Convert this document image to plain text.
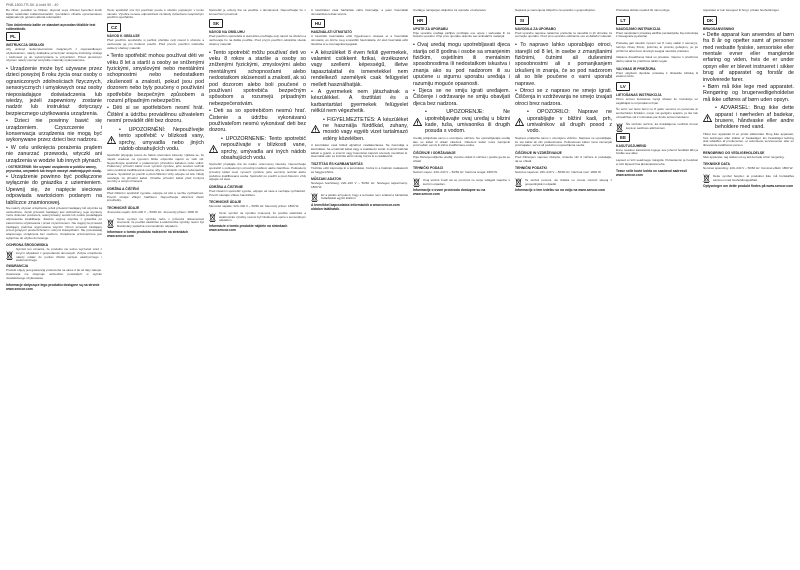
PNB-1800-TR-SK-U.indd 90 - 40
Bu cihaz, çocuklar ve fiziksel, duyusal veya zihinsel becerileri kısıtlı kişiler tarafından kullanılmamalıdır. Çocukların cihazla oynamamasını sağlamak için gözetim altında tutulmalıdır.
Tüm ürünlerimiz kalite ve standart açısından titizlikle test edilmektedir.
PL
INSTRUKCJA OBSŁUGI
Aby uniknąć niebezpieczeństw związanych z nieprawidłowym użytkowaniem, należy dokładnie przeczytać niniejszą instrukcję obsługi i zachować ją do wykorzystania w przyszłości. Przed pierwszym użyciem należy usunąć wszystkie materiały opakowaniowe.
• Urządzenie może być używane przez dzieci powyżej 8 roku życia oraz osoby o ograniczonych zdolnościach fizycznych, sensorycznych i umysłowych oraz osoby nieposiadające doświadczenia lub wiedzy, jeżeli zapewniony zostanie nadzór lub instruktaż dotyczący bezpiecznego użytkowania urządzenia.
• Dzieci nie powinny bawić się urządzeniem. Czyszczenie i konserwacja urządzenia nie mogą być wykonywane przez dzieci bez nadzoru.
• W celu uniknięcia porażenia prądem nie zanurzać przewodu, wtyczki ani urządzenia w wodzie lub innych płynach.
• OSTRZEŻENIE: Nie używać urządzenia w pobliżu wanny, prysznica, umywalek lub innych naczyń zawierających wodę.
• Urządzenie powinno być podłączone wyłącznie do gniazdka z uziemieniem. Upewnij się, że napięcie sieciowe odpowiada wartościom podanym na tabliczce znamionowej.
Nie należy używać urządzenia, jeżeli przewód zasilający lub wtyczka są uszkodzone. Jeżeli przewód zasilający jest uszkodzony, jego wymiany może dokonać producent, autoryzowany serwis lub osoba posiadająca odpowiednie kwalifikacje. Zawsze wyjmuj wtyczkę z gniazdka po zakończeniu użytkowania i przed czyszczeniem. Nie ciągnij za przewód zasilający podczas wyjmowania wtyczki. Chroń przewód zasilający przed gorącymi powierzchniami i ostrymi krawędziami. Nie pozostawiaj włączonego urządzenia bez nadzoru. Urządzenie przeznaczone jest wyłącznie do użytku domowego.
OCHRONA ŚRODOWISKA
Symbol ten oznacza, że produktu nie wolno wyrzucać wraz z innymi odpadami z gospodarstw domowych. Zużyte urządzenie należy oddać do punktu zbiórki sprzętu elektrycznego i elektronicznego.
GWARANCJA
Produkt objęty jest gwarancją producenta na okres 2 lat od daty zakupu. Gwarancja nie obejmuje uszkodzeń powstałych w wyniku niewłaściwego użytkowania.
Informacje dotyczące tego produktu dostępne są na stronie www.sencor.com
Tento spotřebič smí být používán pouze k účelům popsaným v tomto návodu. Výrobce nenese odpovědnost za škody způsobené nesprávným použitím spotřebiče.
CZ
NÁVOD K OBSLUZE
Před použitím spotřebiče si pečlivě přečtěte celý návod k obsluze a uschovejte jej pro budoucí použití. Před prvním použitím odstraňte veškerý obalový materiál.
• Tento spotřebič mohou používat děti ve věku 8 let a starší a osoby se sníženými fyzickými, smyslovými nebo mentálními schopnostmi nebo nedostatkem zkušeností a znalostí, pokud jsou pod dozorem nebo byly poučeny o používání spotřebiče bezpečným způsobem a rozumí případným nebezpečím.
• Děti si se spotřebičem nesmí hrát. Čištění a údržbu prováděnou uživatelem nesmí provádět děti bez dozoru.
• UPOZORNĚNÍ: Nepoužívejte tento spotřebič v blízkosti vany, sprchy, umyvadla nebo jiných nádob obsahujících vodu.
Spotřebič připojujte pouze do řádně uzemněné zásuvky. Ujistěte se, že napětí uvedené na typovém štítku odpovídá napětí ve vaší síti. Nepoužívejte spotřebič s poškozeným přívodním kabelem nebo vidlicí. Poškozený přívodní kabel musí vyměnit výrobce, jeho servisní technik nebo podobně kvalifikovaná osoba, aby se zabránilo vzniku nebezpečné situace. Spotřebič po použití a před čištěním vždy odpojte od sítě. Nikdy netahejte za přívodní kabel. Chraňte přívodní kabel před horkými povrchy a ostrými hranami.
ÚDRŽBA A ČIŠTĚNÍ
Před čištěním spotřebič vypněte, odpojte od sítě a nechte vychladnout. Povrch otírejte vlhkým hadříkem. Nepoužívejte abrazivní čisticí prostředky.
TECHNICKÉ ÚDAJE
Jmenovité napětí: 220–240 V ~ 50/60 Hz. Jmenovitý příkon: 1800 W.
Tento symbol na výrobku nebo v průvodní dokumentaci znamená, že použité elektrické a elektronické výrobky nesmí být likvidovány společně s komunálním odpadem.
Informace o tomto produktu naleznete na stránkách www.sencor.com
Spotrebič je určený iba na použitie v domácnosti. Nepoužívajte ho v komerčnom prostredí.
SK
NÁVOD NA OBSLUHU
Pred použitím spotrebiča si starostlivo prečítajte celý návod na obsluhu a uschovajte ho na ďalšie použitie. Pred prvým použitím odstráňte všetok obalový materiál.
• Tento spotrebič môžu používať deti vo veku 8 rokov a staršie a osoby so zníženými fyzickými, zmyslovými alebo mentálnymi schopnosťami alebo nedostatkom skúseností a znalostí, ak sú pod dozorom alebo boli poučené o používaní spotrebiča bezpečným spôsobom a rozumejú prípadným nebezpečenstvám.
• Deti sa so spotrebičom nesmú hrať. Čistenie a údržbu vykonávanú používateľom nesmú vykonávať deti bez dozoru.
• UPOZORNENIE: Tento spotrebič nepoužívajte v blízkosti vane, sprchy, umývadla ani iných nádob obsahujúcich vodu.
Spotrebič pripájajte iba do riadne uzemnenej zásuvky. Nepoužívajte spotrebič s poškodeným prívodným káblom alebo zástrčkou. Poškodený prívodný kábel musí vymeniť výrobca, jeho servisný technik alebo podobne kvalifikovaná osoba. Spotrebič po použití a pred čistením vždy odpojte od siete.
ÚDRŽBA A ČISTENIE
Pred čistením spotrebič vypnite, odpojte od siete a nechajte vychladnúť. Povrch utierajte vlhkou handričkou.
TECHNICKÉ ÚDAJE
Menovité napätie: 220–240 V ~ 50/60 Hz. Menovitý príkon: 1800 W.
Tento symbol na výrobku znamená, že použité elektrické a elektronické výrobky nesmú byť likvidované spolu s komunálnym odpadom.
Informácie o tomto produkte nájdete na stránkach www.sencor.com
A készüléket csak háztartási célra használja, a jelen használati útmutatóban leírtak szerint.
HU
HASZNÁLATI ÚTMUTATÓ
A készülék használata előtt figyelmesen olvassa el a használati útmutatót, és őrizze meg a későbbi használatra. Az első használat előtt távolítsa el a csomagolóanyagokat.
• A készüléket 8 éven felüli gyermekek, valamint csökkent fizikai, érzékszervi vagy szellemi képességű, illetve tapasztalattal és ismeretekkel nem rendelkező személyek csak felügyelet mellett használhatják.
• A gyermekek nem játszhatnak a készülékkel. A tisztítást és a karbantartást gyermekek felügyelet nélkül nem végezhetik.
• FIGYELMEZTETÉS: A készüléket ne használja fürdőkád, zuhany, mosdó vagy egyéb vizet tartalmazó edény közelében.
A készüléket csak földelt aljzathoz csatlakoztassa. Ne használja a készüléket, ha a hálózati kábel vagy a csatlakozó sérült. A sérült hálózati kábelt a gyártó, a szerviz vagy hasonlóan képzett személy cserélheti ki. Használat után és tisztítás előtt mindig húzza ki a csatlakozót.
TISZTÍTÁS ÉS KARBANTARTÁS
Tisztítás előtt kapcsolja ki a készüléket, húzza ki a hálózati csatlakozót és hagyja kihűlni.
MŰSZAKI ADATOK
Névleges feszültség: 220–240 V ~ 50/60 Hz. Névleges teljesítmény: 1800 W.
Ez a jelölés azt jelenti, hogy a terméket nem szabad a háztartási hulladékkal együtt kidobni.
A termékkel kapcsolatos információk a www.sencor.com oldalon találhatók.
Uređaj je namijenjen isključivo za uporabu u kućanstvu.
HR
UPUTE ZA UPORABU
Prije uporabe uređaja pažljivo pročitajte ove upute i sačuvajte ih za buduću uporabu. Prije prve uporabe uklonite sav ambalažni materijal.
• Ovaj uređaj mogu upotrebljavati djeca starija od 8 godina i osobe sa smanjenim fizičkim, osjetilnim ili mentalnim sposobnostima ili nedostatkom iskustva i znanja ako su pod nadzorom ili su upućene u sigurnu uporabu uređaja i razumiju moguće opasnosti.
• Djeca se ne smiju igrati uređajem. Čišćenje i održavanje ne smiju obavljati djeca bez nadzora.
• UPOZORENJE: Ne upotrebljavajte ovaj uređaj u blizini kade, tuša, umivaonika ili drugih posuda s vodom.
Uređaj priključujte samo u uzemljenu utičnicu. Ne upotrebljavajte uređaj ako su kabel ili utikač oštećeni. Oštećeni kabel mora zamijeniti proizvođač, servis ili slično kvalificirana osoba.
ČIŠĆENJE I ODRŽAVANJE
Prije čišćenja isključite uređaj, izvucite utikač iz utičnice i pustite ga da se ohladi.
TEHNIČKI PODACI
Nazivni napon: 220–240 V ~ 50/60 Hz. Nazivna snaga: 1800 W.
Ovaj simbol znači da se proizvod ne smije odlagati zajedno s kućnim otpadom.
Informacije o ovom proizvodu dostupne su na www.sencor.com
Naprava je namenjena izključno za uporabo v gospodinjstvu.
SI
NAVODILA ZA UPORABO
Pred uporabo naprave natančno preberite ta navodila in jih shranite za poznejšo uporabo. Pred prvo uporabo odstranite ves embalažni material.
• To napravo lahko uporabljajo otroci, starejši od 8 let, in osebe z zmanjšanimi fizičnimi, čutnimi ali duševnimi sposobnostmi ali s pomanjkanjem izkušenj in znanja, če so pod nadzorom ali so bile poučene o varni uporabi naprave.
• Otroci se z napravo ne smejo igrati. Čiščenja in vzdrževanja ne smejo izvajati otroci brez nadzora.
• OPOZORILO: Naprave ne uporabljajte v bližini kadi, prh, umivalnikov ali drugih posod z vodo.
Napravo priključite samo v ozemljeno vtičnico. Naprave ne uporabljajte, če sta kabel ali vtič poškodovana. Poškodovan kabel mora zamenjati proizvajalec, servis ali podobno usposobljena oseba.
ČIŠČENJE IN VZDRŽEVANJE
Pred čiščenjem napravo izklopite, izvlecite vtič iz vtičnice in počakajte, da se ohladi.
TEHNIČNI PODATKI
Nazivna napetost: 220–240 V ~ 50/60 Hz. Nazivna moč: 1800 W.
Ta simbol pomeni, da izdelka ne smete odvreči skupaj z gospodinjskimi odpadki.
Informacije o tem izdelku so na voljo na www.sencor.com
Prietaisas skirtas naudoti tik namų ūkyje.
LT
NAUDOJIMO INSTRUKCIJA
Prieš naudodami prietaisą atidžiai perskaitykite šią instrukciją ir išsaugokite ją ateičiai.
Prietaisą gali naudoti vyresni nei 8 metų vaikai ir asmenys, turintys ribotų fizinių, jutiminių ar protinių gebėjimų, jei jie prižiūrimi arba buvo išmokyti saugiai naudotis prietaisu.
Vaikams draudžiama žaisti su prietaisu. Valymo ir priežiūros darbų vaikai be priežiūros atlikti negali.
VALYMAS IR PRIEŽIŪRA
Prieš valydami išjunkite prietaisą ir ištraukite kištuką iš elektros lizdo.
LV
LIETOŠANAS INSTRUKCIJA
Pirms ierīces lietošanas rūpīgi izlasiet šo instrukciju un saglabājiet to turpmākai uzziņai.
Šo ierīci var lietot bērni no 8 gadu vecuma un personas ar ierobežotām fiziskām, maņu vai garīgām spējām, ja tās tiek uzraudzītas vai ir instruētas par drošu ierīces lietošanu.
Šis simbols nozīmē, ka izstrādājumu nedrīkst izmest kopā ar sadzīves atkritumiem.
EE
KASUTUSJUHEND
Enne seadme kasutamist lugege see juhend hoolikalt läbi ja hoidke see alles.
Lapsed ei tohi seadmega mängida. Puhastamist ja hooldust ei tohi lapsed ilma järelevalveta teha.
Teave selle toote kohta on saadaval aadressil www.sencor.com
Apparatet er kun beregnet til brug i private husholdninger.
DK
BRUGSANVISNING
• Dette apparat kan anvendes af børn fra 8 år og opefter samt af personer med nedsatte fysiske, sensoriske eller mentale evner eller manglende erfaring og viden, hvis de er under opsyn eller er blevet instrueret i sikker brug af apparatet og forstår de involverede farer.
• Børn må ikke lege med apparatet. Rengøring og brugervedligeholdelse må ikke udføres af børn uden opsyn.
• ADVARSEL: Brug ikke dette apparat i nærheden af badekar, brusere, håndvaske eller andre beholdere med vand.
Tilslut kun apparatet til en jordet stikkontakt. Brug ikke apparatet, hvis ledningen eller stikket er beskadiget. En beskadiget ledning skal udskiftes af producenten, et autoriseret servicecenter eller en tilsvarende kvalificeret person.
RENGØRING OG VEDLIGEHOLDELSE
Sluk apparatet, tag stikket ud og lad det køle af før rengøring.
TEKNISKE DATA
Nominel spænding: 220–240 V ~ 50/60 Hz. Nominel effekt: 1800 W.
Dette symbol betyder, at produktet ikke må bortskaffes sammen med husholdningsaffald.
Oplysninger om dette produkt findes på www.sencor.com
